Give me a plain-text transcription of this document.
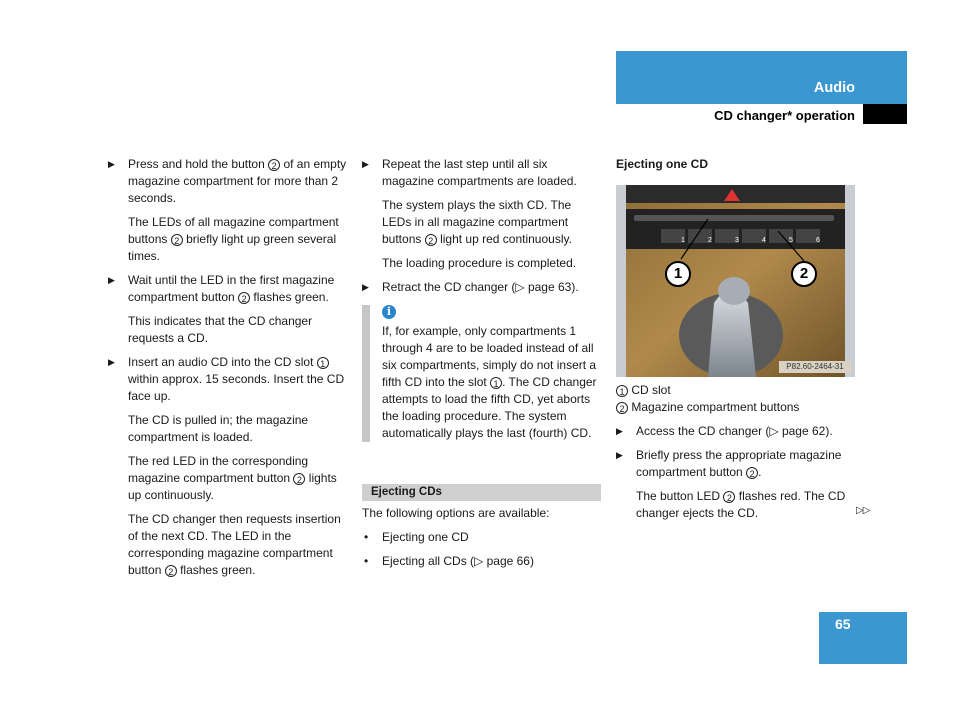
Audio
CD changer* operation

▶ Press and hold the button 2 of an empty magazine compartment for more than 2 seconds.

The LEDs of all magazine compartment buttons 2 briefly light up green several times.

▶ Wait until the LED in the first magazine compartment button 2 flashes green.

This indicates that the CD changer requests a CD.

▶ Insert an audio CD into the CD slot 1 within approx. 15 seconds. Insert the CD face up.

The CD is pulled in; the magazine compartment is loaded.

The red LED in the corresponding magazine compartment button 2 lights up continuously.

The CD changer then requests insertion of the next CD. The LED in the corresponding magazine compartment button 2 flashes green.

▶ Repeat the last step until all six magazine compartments are loaded.

The system plays the sixth CD. The LEDs in all magazine compartment buttons 2 light up red continuously.

The loading procedure is completed.

▶ Retract the CD changer (▷ page 63).

i

If, for example, only compartments 1 through 4 are to be loaded instead of all six compartments, simply do not insert a fifth CD into the slot 1 . The CD changer attempts to load the fifth CD, yet aborts the loading procedure. The system automatically plays the last (fourth) CD.

Ejecting CDs

The following options are available:

• Ejecting one CD

• Ejecting all CDs (▷ page 66)

Ejecting one CD
1	2	3	4	5	6
1	2
P82.60-2464-31

1 CD slot

2 Magazine compartment buttons

▶ Access the CD changer (▷ page 62).

▶ Briefly press the appropriate magazine compartment button 2 .

The button LED 2 flashes red. The CD changer ejects the CD.	▷▷
65
